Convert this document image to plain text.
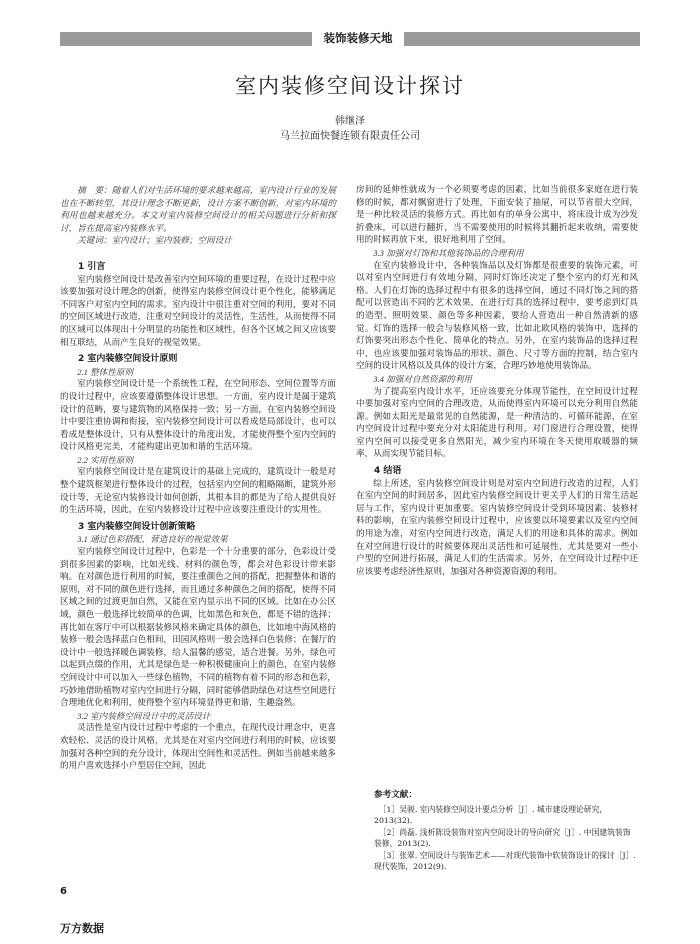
装饰装修天地
室内装修空间设计探讨
韩继泽
马兰拉面快餐连锁有限责任公司

摘　要：随着人们对生活环境的要求越来越高，室内设计行业的发展也在不断转型，其设计理念不断更新，设计方案不断创新，对室内环境的利用也越来越充分。本文对室内装修空间设计的相关问题进行分析和探讨，旨在提高室内装修水平。

关键词：室内设计；室内装修；空间设计

1 引言

室内装修空间设计是改善室内空间环境的重要过程，在设计过程中应该要加强对设计理念的创新，使得室内装修空间设计更个性化，能够满足不同客户对室内空间的需求。室内设计中很注重对空间的利用，要对不同的空间区域进行改造，注重对空间设计的灵活性，生活性，从而使得不同的区域可以体现出十分明显的功能性和区域性，但各个区域之间又应该要相互联结，从而产生良好的视觉效果。

2 室内装修空间设计原则
2.1 整体性原则

室内装修空间设计是一个系统性工程，在空间形态、空间位置等方面的设计过程中，应该要遵循整体设计思想。一方面，室内设计是属于建筑设计的范畴，要与建筑物的风格保持一致；另一方面，在室内装修空间设计中要注重协调和衔接，室内装修空间设计可以看成是局部设计，也可以看成是整体设计，只有从整体设计的角度出发，才能使得整个室内空间的设计风格更完美，才能构建出更加和谐的生活环境。

2.2 实用性原则

室内装修空间设计是在建筑设计的基础上完成的，建筑设计一般是对整个建筑框架进行整体设计的过程，包括室内空间的粗略隔断，建筑外形设计等，无论室内装修设计如何创新，其根本目的都是为了给人提供良好的生活环境，因此，在室内装修设计过程中应该要注重设计的实用性。

3 室内装修空间设计创新策略
3.1 通过色彩搭配，营造良好的视觉效果

室内装修空间设计过程中，色彩是一个十分重要的部分，色彩设计受到很多因素的影响，比如光线、材料的颜色等，都会对色彩设计带来影响。在对颜色进行利用的时候，要注重颜色之间的搭配，把握整体和谐的原则，对不同的颜色进行选择，而且通过多种颜色之间的搭配，使得不同区域之间的过渡更加自然，又能在室内显示出不同的区域。比如在办公区域，颜色一般选择比较简单的色调，比如黑色和灰色，都是不错的选择；再比如在客厅中可以根据装修风格来确定具体的颜色，比如地中海风格的装修一般会选择蓝白色相间，田园风格则一般会选择白色装修；在餐厅的设计中一般选择暖色调装修，给人温馨的感觉，适合进餐。另外，绿色可以起到点缀的作用，尤其是绿色是一种积极健康向上的颜色，在室内装修空间设计中可以加入一些绿色植物，不同的植物有着不同的形态和色彩，巧妙地借助植物对室内空间进行分隔，同时能够借助绿色对这些空间进行合理地优化和利用，使得整个室内环境显得更和谐，生趣盎然。

3.2 室内装修空间设计中的灵活设计

灵活性是室内设计过程中考虑的一个重点，在现代设计理念中，更喜欢轻松、灵活的设计风格，尤其是在对室内空间进行利用的时候，应该要加强对各种空间的充分设计，体现出空间性和灵活性。例如当前越来越多的用户喜欢选择小户型居住空间，因此

房间的延伸性就成为一个必须要考虑的因素，比如当前很多家庭在进行装修的时候，都对飘窗进行了处理，下面安装了抽屉，可以节省很大空间，是一种比较灵活的装修方式。再比如有的单身公寓中，将床设计成为沙发折叠床，可以进行翻折，当不需要使用的时候将其翻折起来收纳，需要使用的时候再放下来，很好地利用了空间。

3.3 加强对灯饰和其他装饰品的合理利用

在室内装修设计中，各种装饰品以及灯饰都是很重要的装饰元素，可以对室内空间进行有效地分隔，同时灯饰还决定了整个室内的灯光和风格。人们在灯饰的选择过程中有很多的选择空间，通过不同灯饰之间的搭配可以营造出不同的艺术效果，在进行灯具的选择过程中，要考虑到灯具的造型、照明效果、颜色等多种因素，要给人营造出一种自然清新的感觉。灯饰的选择一般会与装修风格一致，比如北欧风格的装饰中，选择的灯饰要突出形态个性化、简单化的特点。另外，在室内装饰品的选择过程中，也应该要加强对装饰品的形状、颜色、尺寸等方面的控制，结合室内空间的设计风格以及具体的设计方案，合理巧妙地使用装饰品。

3.4 加强对自然资源的利用

为了提高室内设计水平，还应该要充分体现节能性，在空间设计过程中要加强对室内空间的合理改造，从而使得室内环境可以充分利用自然能源。例如太阳光是最常见的自然能源，是一种清洁的、可循环能源，在室内空间设计过程中要充分对太阳能进行利用，对门窗进行合理设置，使得室内空间可以接受更多自然阳光，减少室内环境在冬天使用取暖器的频率，从而实现节能目标。

4 结语

综上所述，室内装修空间设计则是对室内空间进行改造的过程，人们在室内空间的时间居多，因此室内装修空间设计更关乎人们的日常生活起居与工作，室内设计更加重要。室内装修空间设计受到环境因素、装修材料的影响，在室内装修空间设计过程中，应该要以环境要素以及室内空间的用途为准，对室内空间进行改造，满足人们的用途和具体的需求。例如在对空间进行设计的时候要体现出灵活性和可延展性，尤其是要对一些小户型的空间进行拓展，满足人们的生活需求。另外，在空间设计过程中还应该要考虑经济性原则，加强对各种资源资源的利用。

参考文献：

［1］吴骏. 室内装修空间设计要点分析［J］. 城市建设理论研究，2013(32).

［2］尚磊. 浅析陈设装饰对室内空间设计的导向研究［J］. 中国建筑装饰装修，2013(2).

［3］张翠. 空间设计与装饰艺术——对现代装饰中软装饰设计的探讨［J］. 现代装饰，2012(9).

6
万方数据
